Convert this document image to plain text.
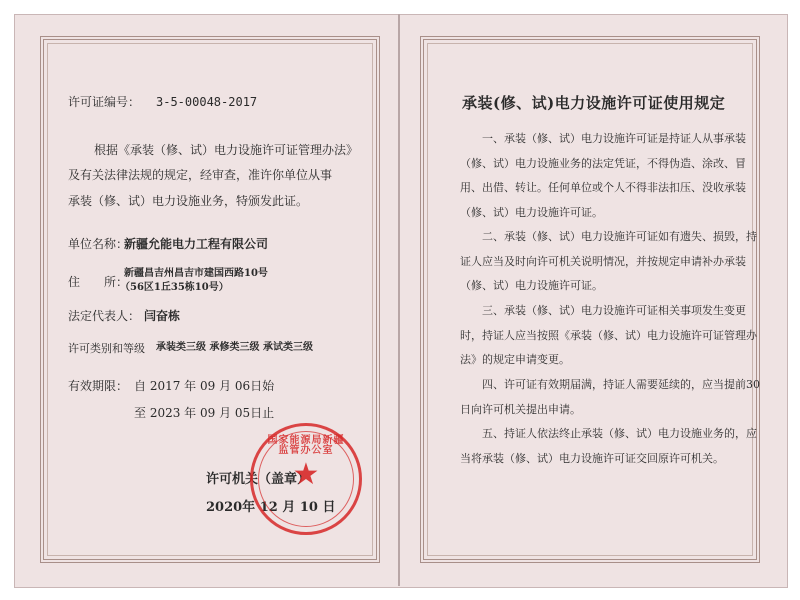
许可证编号： 3-5-00048-2017
根据《承装（修、试）电力设施许可证管理办法》
及有关法律法规的规定，经审查，准许你单位从事
承装（修、试）电力设施业务，特颁发此证。
单位名称：
新疆允能电力工程有限公司
住　　所：
新疆昌吉州昌吉市建国西路10号
（56区1丘35栋10号）
法定代表人： 闫奋栋
许可类别和等级 承装类三级 承修类三级 承试类三级
有效期限： 自 2017 年 09 月 06日始
至 2023 年 09 月 05日止
许可机关（盖章）
2020年 12 月 10 日
国家能源局新疆监管办公室
★
承装(修、试)电力设施许可证使用规定
一、承装（修、试）电力设施许可证是持证人从事承装（修、试）电力设施业务的法定凭证，不得伪造、涂改、冒用、出借、转让。任何单位或个人不得非法扣压、没收承装（修、试）电力设施许可证。
二、承装（修、试）电力设施许可证如有遗失、损毁，持证人应当及时向许可机关说明情况，并按规定申请补办承装（修、试）电力设施许可证。
三、承装（修、试）电力设施许可证相关事项发生变更时，持证人应当按照《承装（修、试）电力设施许可证管理办法》的规定申请变更。
四、许可证有效期届满，持证人需要延续的，应当提前30日向许可机关提出申请。
五、持证人依法终止承装（修、试）电力设施业务的，应当将承装（修、试）电力设施许可证交回原许可机关。
